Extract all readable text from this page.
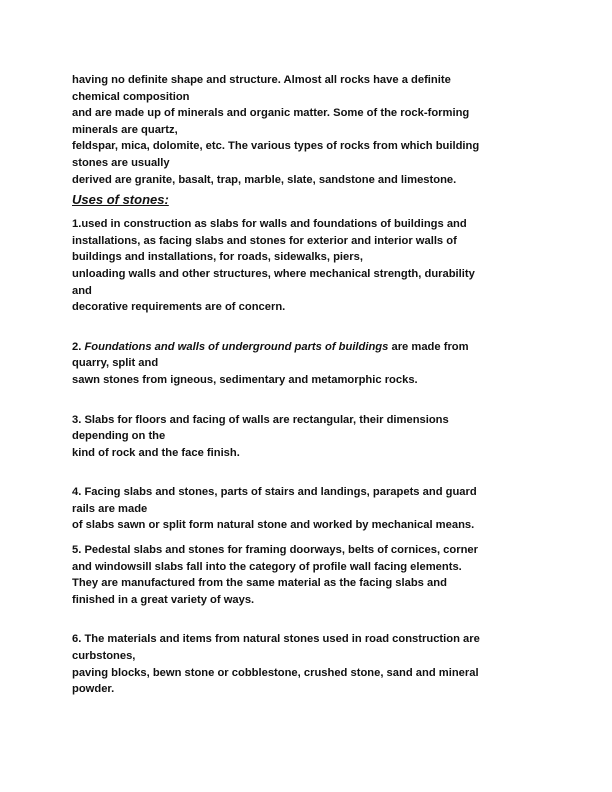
having no definite shape and structure. Almost all rocks have a definite
chemical composition
and are made up of minerals and organic matter. Some of the rock-forming
minerals are quartz,
feldspar, mica, dolomite, etc. The various types of rocks from which building
stones are usually
derived are granite, basalt, trap, marble, slate, sandstone and limestone.
Uses of stones:
1.used in construction as slabs for walls and foundations of buildings and
installations, as facing slabs and stones for exterior and interior walls of
buildings and installations, for roads, sidewalks, piers,
unloading walls and other structures, where mechanical strength, durability
and
decorative requirements are of concern.
2. Foundations and walls of underground parts of buildings are made from
quarry, split and
sawn stones from igneous, sedimentary and metamorphic rocks.
3. Slabs for floors and facing of walls are rectangular, their dimensions
depending on the
kind of rock and the face finish.
4. Facing slabs and stones, parts of stairs and landings, parapets and guard
rails are made
of slabs sawn or split form natural stone and worked by mechanical means.
5. Pedestal slabs and stones for framing doorways, belts of cornices, corner
and windowsill slabs fall into the category of profile wall facing elements.
They are manufactured from the same material as the facing slabs and
finished in a great variety of ways.
6. The materials and items from natural stones used in road construction are
curbstones,
paving blocks, bewn stone or cobblestone, crushed stone, sand and mineral
powder.
